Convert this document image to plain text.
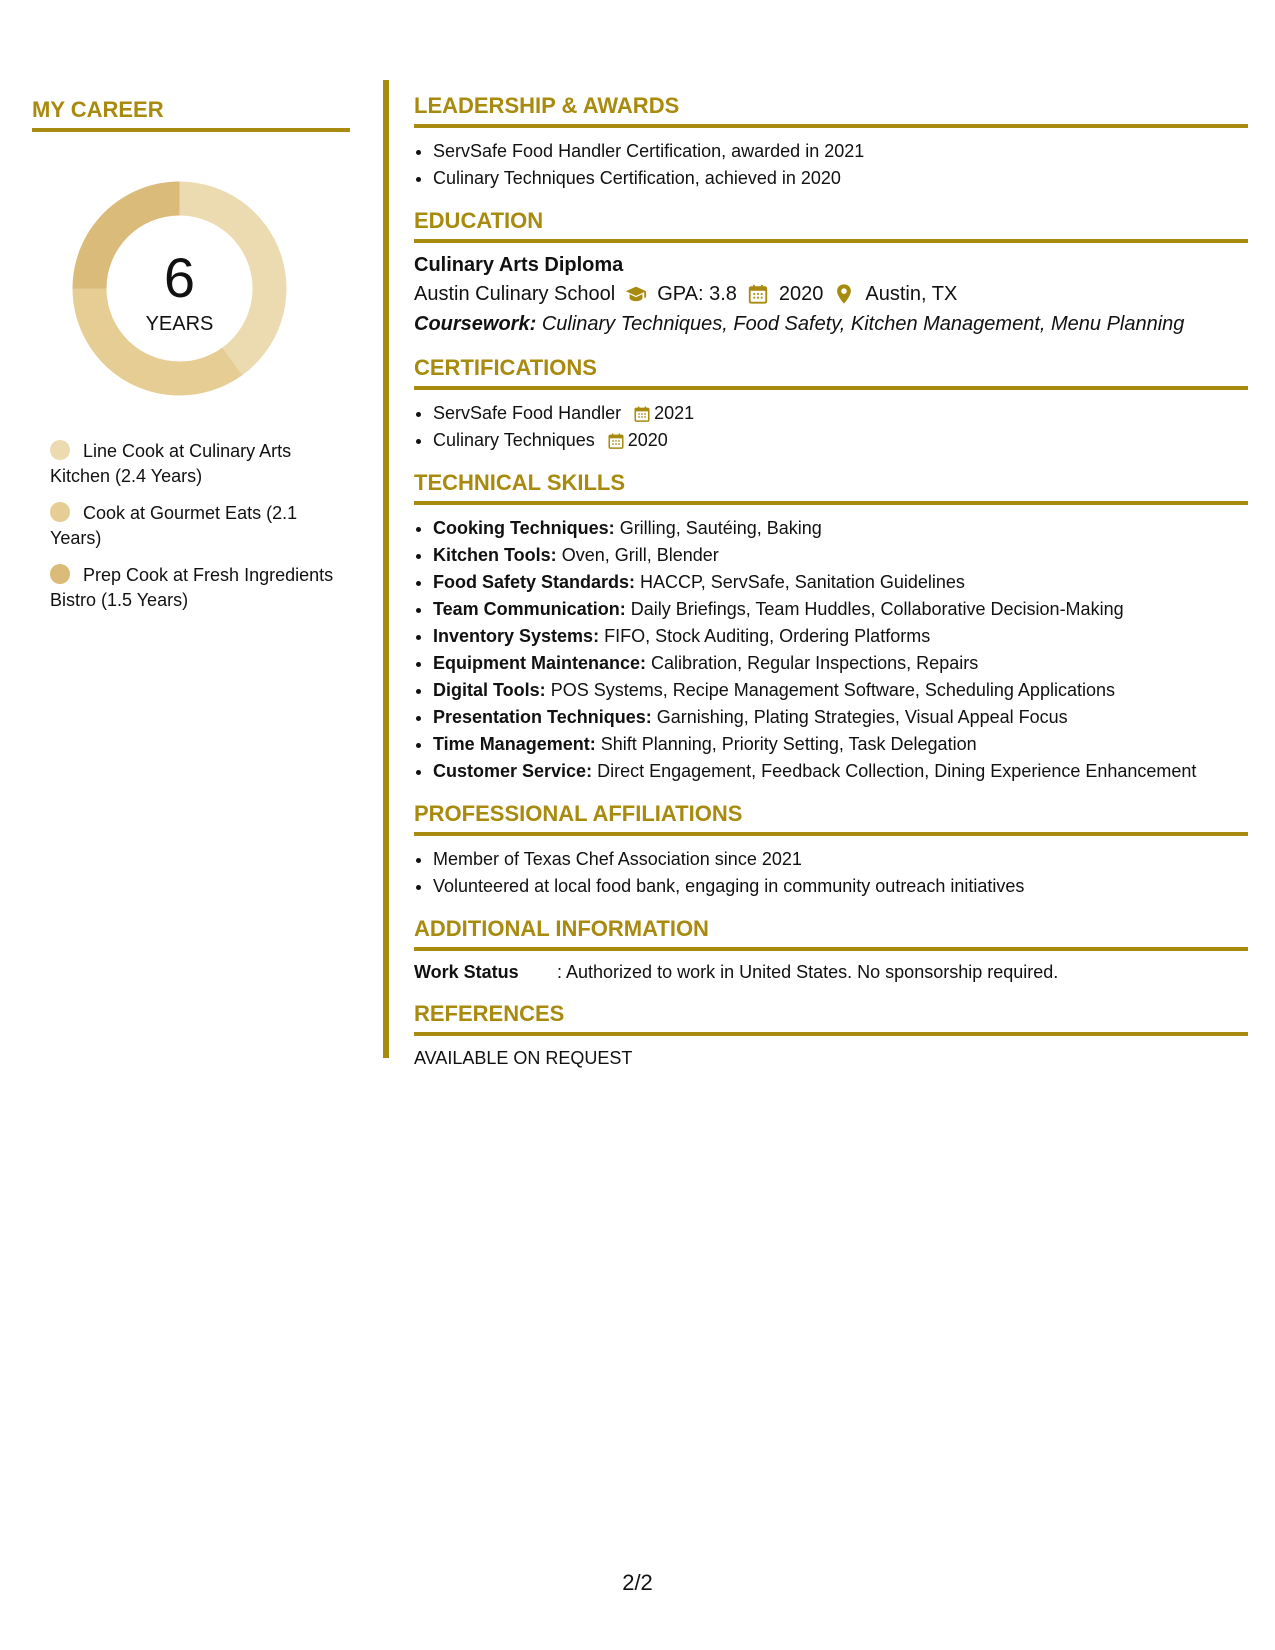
MY CAREER
6
YEARS
Line Cook at Culinary Arts Kitchen (2.4 Years)
Cook at Gourmet Eats (2.1 Years)
Prep Cook at Fresh Ingredients Bistro (1.5 Years)
LEADERSHIP & AWARDS
• ServSafe Food Handler Certification, awarded in 2021
• Culinary Techniques Certification, achieved in 2020
EDUCATION
Culinary Arts Diploma
Austin Culinary School GPA: 3.8 2020 Austin, TX
Coursework: Culinary Techniques, Food Safety, Kitchen Management, Menu Planning
CERTIFICATIONS
• ServSafe Food Handler 2021
• Culinary Techniques 2020
TECHNICAL SKILLS
• Cooking Techniques: Grilling, Sautéing, Baking
• Kitchen Tools: Oven, Grill, Blender
• Food Safety Standards: HACCP, ServSafe, Sanitation Guidelines
• Team Communication: Daily Briefings, Team Huddles, Collaborative Decision-Making
• Inventory Systems: FIFO, Stock Auditing, Ordering Platforms
• Equipment Maintenance: Calibration, Regular Inspections, Repairs
• Digital Tools: POS Systems, Recipe Management Software, Scheduling Applications
• Presentation Techniques: Garnishing, Plating Strategies, Visual Appeal Focus
• Time Management: Shift Planning, Priority Setting, Task Delegation
• Customer Service: Direct Engagement, Feedback Collection, Dining Experience Enhancement
PROFESSIONAL AFFILIATIONS
• Member of Texas Chef Association since 2021
• Volunteered at local food bank, engaging in community outreach initiatives
ADDITIONAL INFORMATION
Work Status	: Authorized to work in United States. No sponsorship required.
REFERENCES
AVAILABLE ON REQUEST
2/2
